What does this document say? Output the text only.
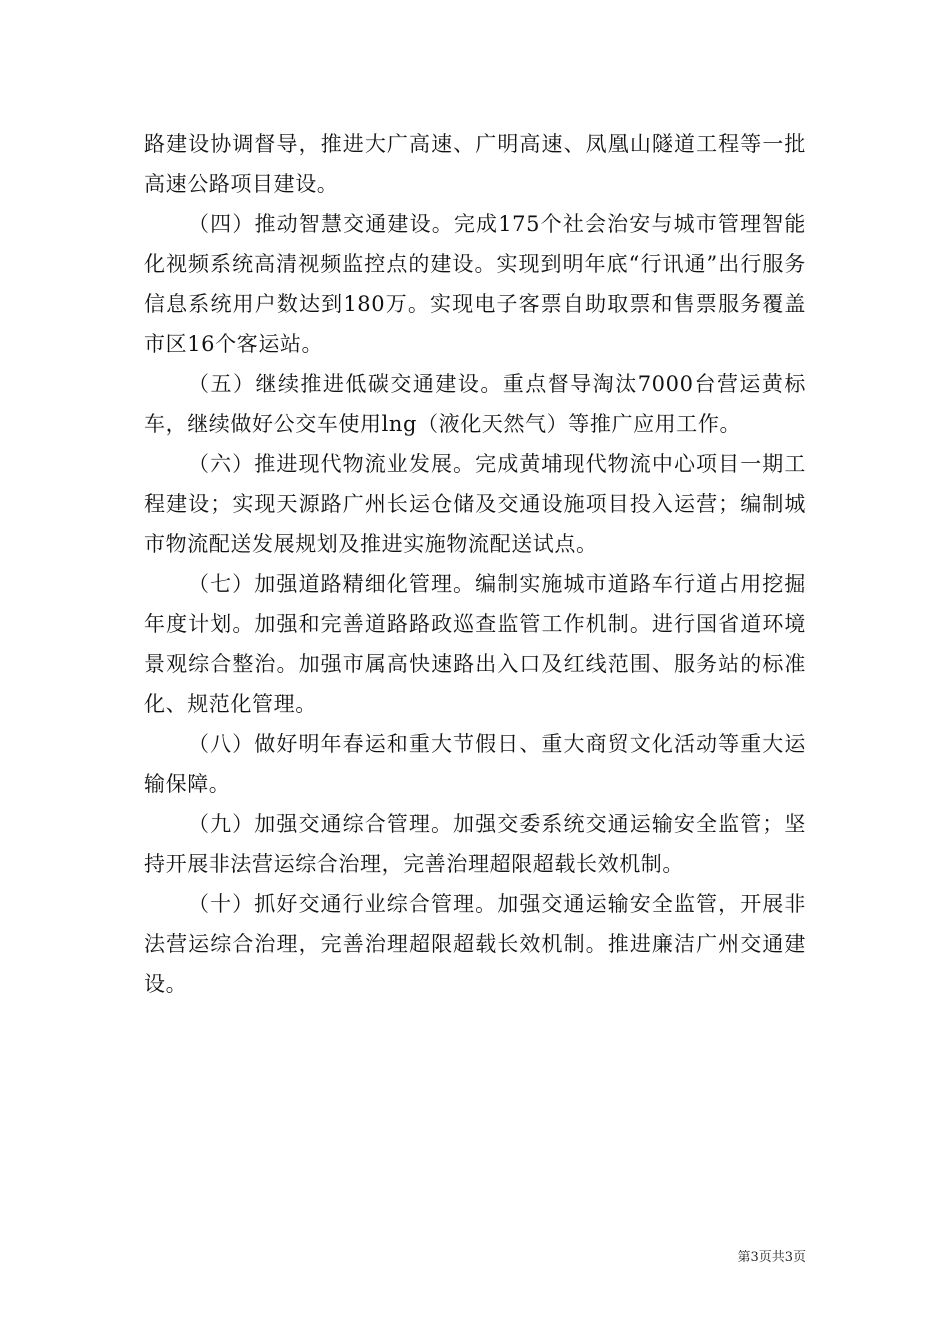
路建设协调督导，推进大广高速、广明高速、凤凰山隧道工程等一批高速公路项目建设。

（四）推动智慧交通建设。完成175个社会治安与城市管理智能化视频系统高清视频监控点的建设。实现到明年底“行讯通”出行服务信息系统用户数达到180万。实现电子客票自助取票和售票服务覆盖市区16个客运站。

（五）继续推进低碳交通建设。重点督导淘汰7000台营运黄标车，继续做好公交车使用lng（液化天然气）等推广应用工作。

（六）推进现代物流业发展。完成黄埔现代物流中心项目一期工程建设；实现天源路广州长运仓储及交通设施项目投入运营；编制城市物流配送发展规划及推进实施物流配送试点。

（七）加强道路精细化管理。编制实施城市道路车行道占用挖掘年度计划。加强和完善道路路政巡查监管工作机制。进行国省道环境景观综合整治。加强市属高快速路出入口及红线范围、服务站的标准化、规范化管理。

（八）做好明年春运和重大节假日、重大商贸文化活动等重大运输保障。

（九）加强交通综合管理。加强交委系统交通运输安全监管；坚持开展非法营运综合治理，完善治理超限超载长效机制。

（十）抓好交通行业综合管理。加强交通运输安全监管，开展非法营运综合治理，完善治理超限超载长效机制。推进廉洁广州交通建设。

第3页共3页
